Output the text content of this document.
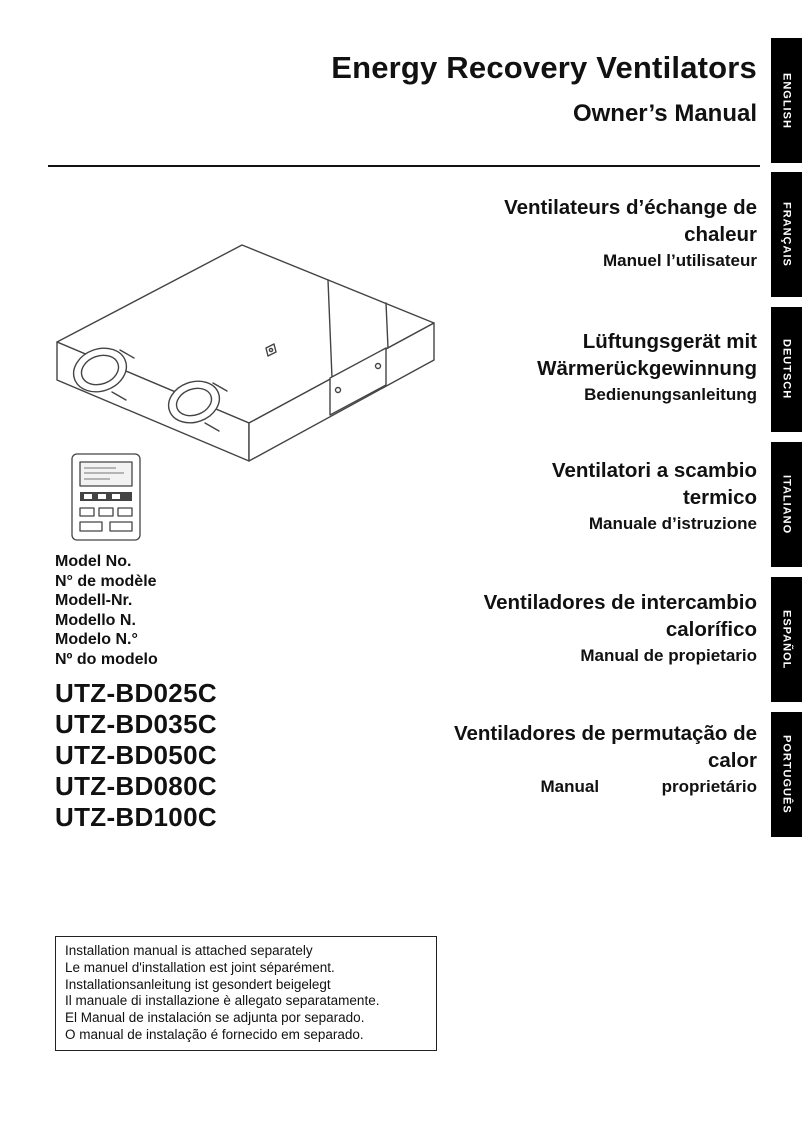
ENGLISH
FRANÇAIS
DEUTSCH
ITALIANO
ESPAÑOL
PORTUGUÊS
Energy Recovery Ventilators
Owner’s Manual
Ventilateurs d’échange de
chaleur
Manuel l’utilisateur
Lüftungsgerät mit
Wärmerückgewinnung
Bedienungsanleitung
Ventilatori a scambio
termico
Manuale d’istruzione
Ventiladores de intercambio
calorífico
Manual de propietario
Ventiladores de permutação de
calor
Manual proprietário
Model No.
N° de modèle
Modell-Nr.
Modello N.
Modelo N.°
Nº do modelo
UTZ-BD025C
UTZ-BD035C
UTZ-BD050C
UTZ-BD080C
UTZ-BD100C
Installation manual is attached separately
Le manuel d'installation est joint séparément.
Installationsanleitung ist gesondert beigelegt
Il manuale di installazione è allegato separatamente.
El Manual de instalación se adjunta por separado.
O manual de instalação é fornecido em separado.
